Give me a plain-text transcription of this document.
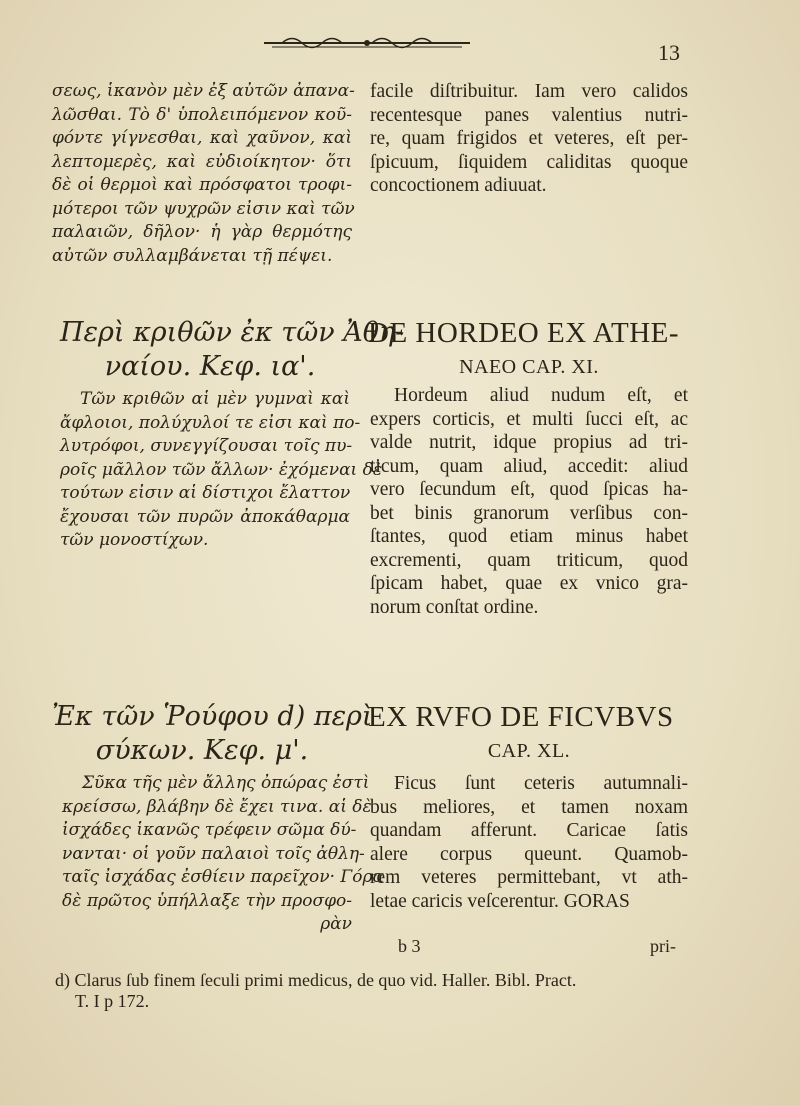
13
σεως, ἱκανὸν μὲν ἐξ αὐτῶν ἀπανα-
λῶσθαι. Τὸ δ' ὑπολειπόμενον κοῦ-
φόντε γίγνεσθαι, καὶ χαῦνον, καὶ
λεπτομερὲς, καὶ εὐδιοίκητον· ὅτι
δὲ οἱ θερμοὶ καὶ πρόσφατοι τροφι-
μότεροι τῶν ψυχρῶν εἰσιν καὶ τῶν
παλαιῶν, δῆλον· ἡ γὰρ θερμότης
αὐτῶν συλλαμβάνεται τῇ πέψει.
facile diſtribuitur. Iam vero calidos
recentesque panes valentius nutri-
re, quam frigidos et veteres, eſt per-
ſpicuum, ſiquidem caliditas quoque
concoctionem adiuuat.
Περὶ κριθῶν ἐκ τῶν Ἀθη-
ναίου. Κεφ. ια'.
DE HORDEO EX ATHE-
NAEO CAP. XI.
Τῶν κριθῶν αἱ μὲν γυμναὶ καὶ
ἄφλοιοι, πολύχυλοί τε εἰσι καὶ πο-
λυτρόφοι, συνεγγίζουσαι τοῖς πυ-
ροῖς μᾶλλον τῶν ἄλλων· ἐχόμεναι δὲ
τούτων εἰσιν αἱ δίστιχοι ἔλαττον
ἔχουσαι τῶν πυρῶν ἀποκάθαρμα
τῶν μονοστίχων.
Hordeum aliud nudum eſt, et
expers corticis, et multi ſucci eſt, ac
valde nutrit, idque propius ad tri-
ticum, quam aliud, accedit: aliud
vero ſecundum eſt, quod ſpicas ha-
bet binis granorum verſibus con-
ſtantes, quod etiam minus habet
excrementi, quam triticum, quod
ſpicam habet, quae ex vnico gra-
norum conſtat ordine.
Ἐκ τῶν Ῥούφου d) περὶ
σύκων. Κεφ. μ'.
EX RVFO DE FICVBVS
CAP. XL.
Σῦκα τῆς μὲν ἄλλης ὀπώρας ἐστὶ
κρείσσω, βλάβην δὲ ἔχει τινα. αἱ δὲ
ἰσχάδες ἱκανῶς τρέφειν σῶμα δύ-
νανται· οἱ γοῦν παλαιοὶ τοῖς ἀθλη-
ταῖς ἰσχάδας ἐσθίειν παρεῖχον· Γόρα
δὲ πρῶτος ὑπήλλαξε τὴν προσφο-
ρὰν
Ficus ſunt ceteris autumnali-
bus meliores, et tamen noxam
quandam afferunt. Caricae ſatis
alere corpus queunt. Quamob-
rem veteres permittebant, vt ath-
letae caricis veſcerentur. GORAS
b 3	pri-
d) Clarus ſub finem ſeculi primi medicus, de quo vid. Haller. Bibl. Pract.
T. I p 172.
